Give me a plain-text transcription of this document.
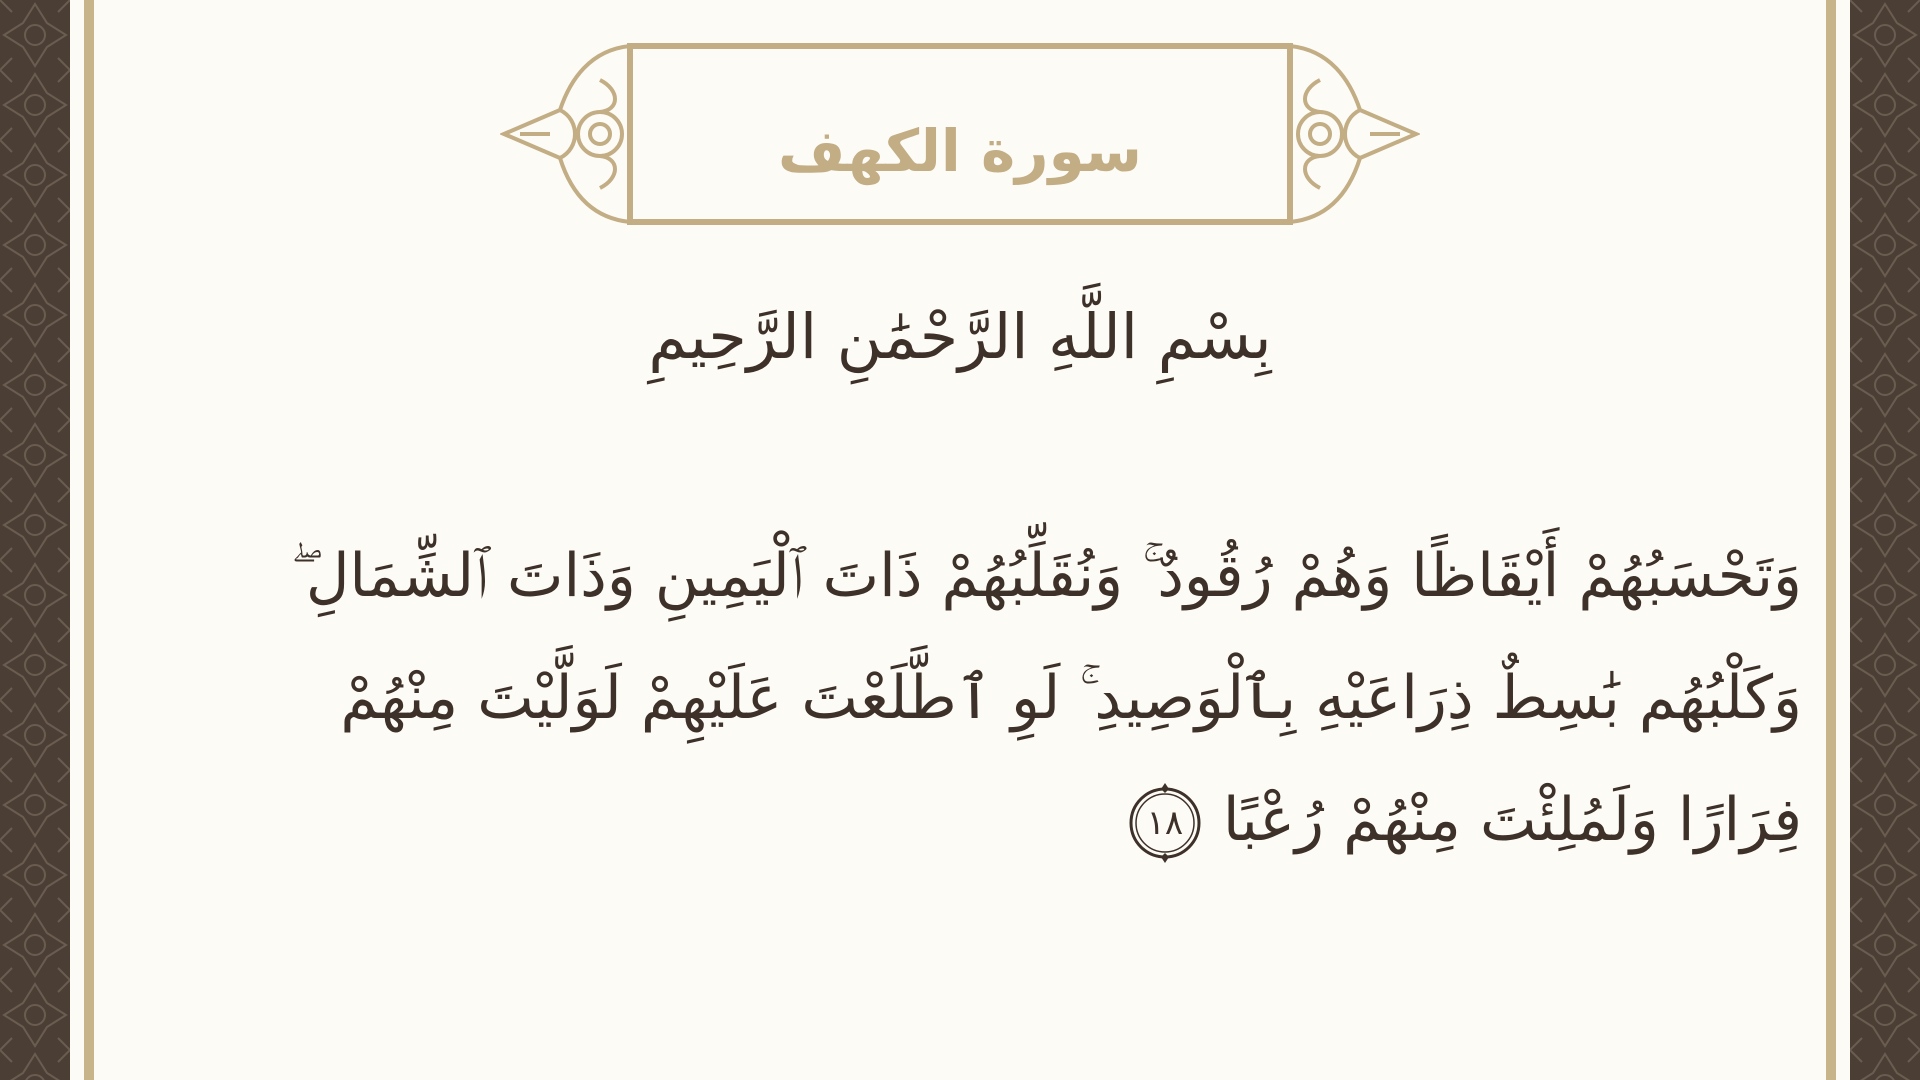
سورة الكهف
بِسْمِ اللَّهِ الرَّحْمَٰنِ الرَّحِيمِ
وَتَحْسَبُهُمْ أَيْقَاظًا وَهُمْ رُقُودٌ ۚ وَنُقَلِّبُهُمْ ذَاتَ ٱلْيَمِينِ وَذَاتَ ٱلشِّمَالِ ۖ
وَكَلْبُهُم بَٰسِطٌ ذِرَاعَيْهِ بِٱلْوَصِيدِ ۚ لَوِ ٱطَّلَعْتَ عَلَيْهِمْ لَوَلَّيْتَ مِنْهُمْ
فِرَارًا وَلَمُلِئْتَ مِنْهُمْ رُعْبًا
١٨
